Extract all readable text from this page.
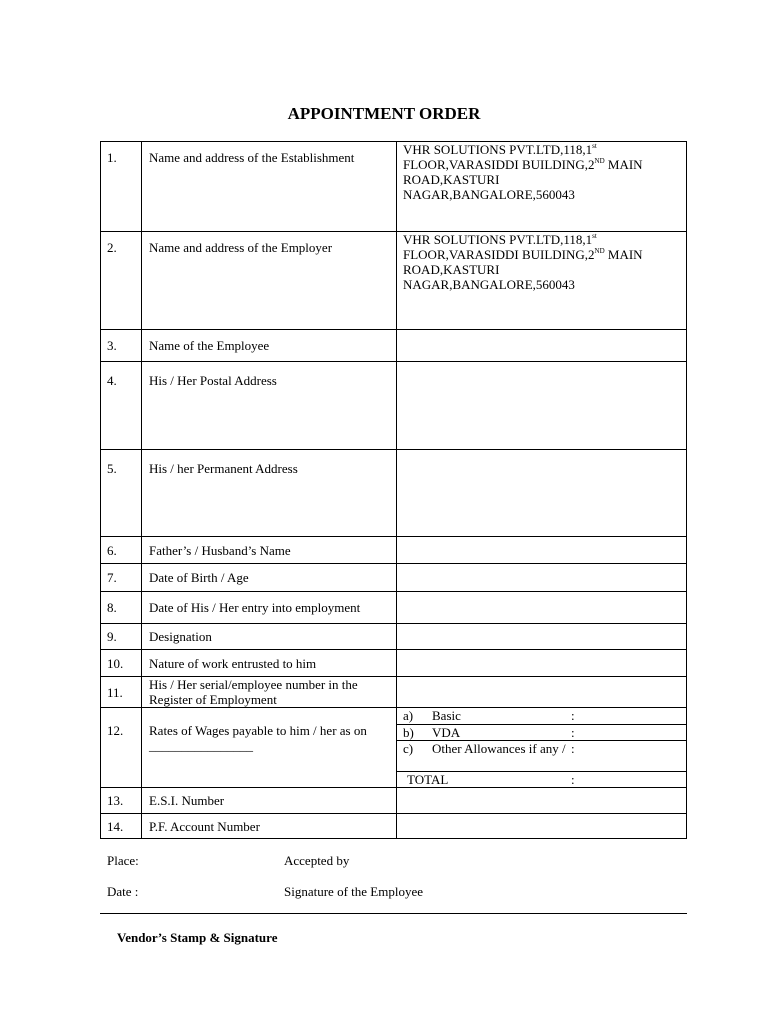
APPOINTMENT ORDER
1.	Name and address of the Establishment	
VHR SOLUTIONS PVT.LTD,118,1st
FLOOR,VARASIDDI BUILDING,2ND MAIN
ROAD,KASTURI
NAGAR,BANGALORE,560043

2.	Name and address of the Employer	
VHR SOLUTIONS PVT.LTD,118,1st
FLOOR,VARASIDDI BUILDING,2ND MAIN
ROAD,KASTURI
NAGAR,BANGALORE,560043

3.	Name of the Employee	
4.	His / Her Postal Address	
5.	His / her Permanent Address	
6.	Father’s / Husband’s Name	
7.	Date of Birth / Age	
8.	Date of His / Her entry into employment	
9.	Designation	
10.	Nature of work entrusted to him	
11.	His / Her serial/employee number in the Register of Employment	
12.	Rates of Wages payable to him / her as on ________________	
a)	Basic	:
b)	VDA	:
c)	Other Allowances if any /	:
TOTAL	:

13.	E.S.I. Number	
14.	P.F. Account Number	
Place:	Accepted by
Date :	Signature of the Employee
Vendor’s Stamp & Signature
